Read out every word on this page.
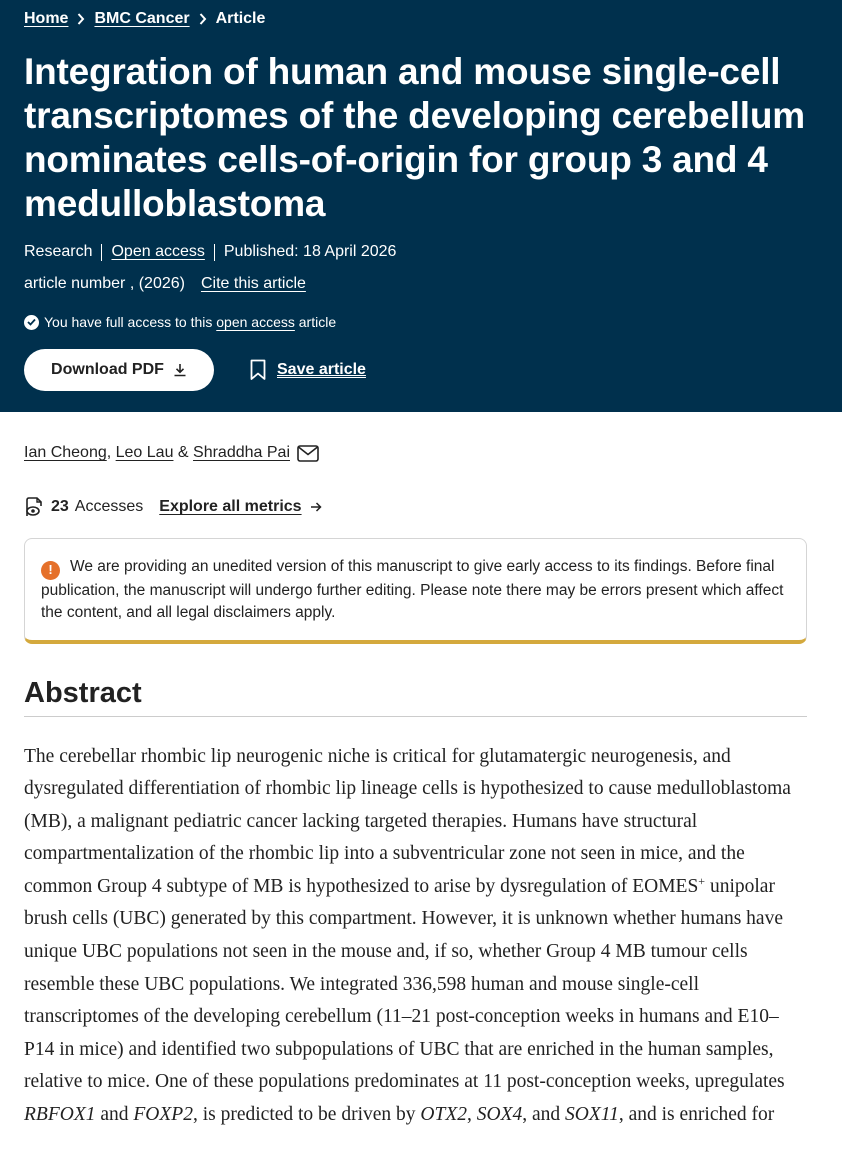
Home BMC Cancer Article
Integration of human and mouse single-cell transcriptomes of the developing cerebellum nominates cells-of-origin for group 3 and 4 medulloblastoma
Research Open access Published: 18 April 2026
article number , (2026) Cite this article
You have full access to this
open access
article
Download PDF	Save article
Ian Cheong , Leo Lau & Shraddha Pai
23 Accesses Explore all metrics
! We are providing an unedited version of this manuscript to give early access to its findings. Before final publication, the manuscript will undergo further editing. Please note there may be errors present which affect the content, and all legal disclaimers apply.
Abstract

The cerebellar rhombic lip neurogenic niche is critical for glutamatergic neurogenesis, and dysregulated differentiation of rhombic lip lineage cells is hypothesized to cause medulloblastoma (MB), a malignant pediatric cancer lacking targeted therapies. Humans have structural compartmentalization of the rhombic lip into a subventricular zone not seen in mice, and the common Group 4 subtype of MB is hypothesized to arise by dysregulation of EOMES+ unipolar brush cells (UBC) generated by this compartment. However, it is unknown whether humans have unique UBC populations not seen in the mouse and, if so, whether Group 4 MB tumour cells resemble these UBC populations. We integrated 336,598 human and mouse single-cell transcriptomes of the developing cerebellum (11–21 post-conception weeks in humans and E10–P14 in mice) and identified two subpopulations of UBC that are enriched in the human samples, relative to mice. One of these populations predominates at 11 post-conception weeks, upregulates RBFOX1 and FOXP2, is predicted to be driven by OTX2, SOX4, and SOX11, and is enriched for
